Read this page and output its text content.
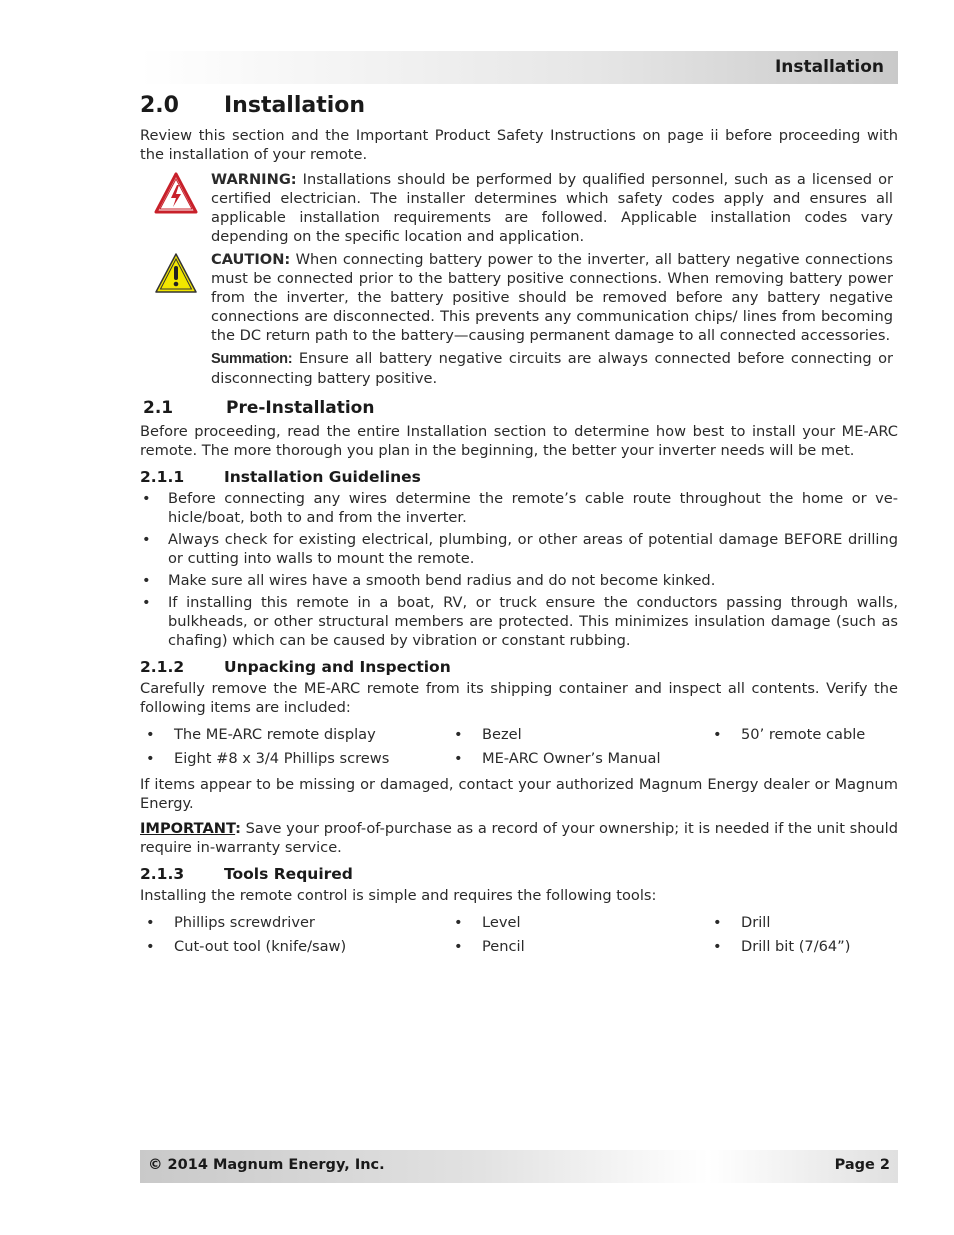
Installation
2.0	Installation

Review this section and the Important Product Safety Instructions on page ii before proceeding with the installation of your remote.

WARNING: Installations should be performed by qualified personnel, such as a licensed or certified electrician. The installer determines which safety codes apply and ensures all applicable installation requirements are followed. Applicable installation codes vary depending on the specific location and application.
CAUTION: When connecting battery power to the inverter, all battery negative connections must be connected prior to the battery positive connections. When removing battery power from the inverter, the battery positive should be removed before any battery negative connections are disconnected. This prevents any communication chips/ lines from becoming the DC return path to the battery—causing permanent damage to all connected accessories.
Summation: Ensure all battery negative circuits are always connected before connecting or disconnecting battery positive.
2.1	Pre-Installation

Before proceeding, read the entire Installation section to determine how best to install your ME-ARC remote. The more thorough you plan in the beginning, the better your inverter needs will be met.

2.1.1	Installation Guidelines
• Before connecting any wires determine the remote’s cable route throughout the home or ve-hicle/boat, both to and from the inverter.
• Always check for existing electrical, plumbing, or other areas of potential damage BEFORE drilling or cutting into walls to mount the remote.
• Make sure all wires have a smooth bend radius and do not become kinked.
• If installing this remote in a boat, RV, or truck ensure the conductors passing through walls, bulkheads, or other structural members are protected. This minimizes insulation damage (such as chafing) which can be caused by vibration or constant rubbing.
2.1.2	Unpacking and Inspection

Carefully remove the ME-ARC remote from its shipping container and inspect all contents. Verify the following items are included:

• The ME-ARC remote display	• Bezel	• 50’ remote cable
• Eight #8 x 3/4 Phillips screws	• ME-ARC Owner’s Manual

If items appear to be missing or damaged, contact your authorized Magnum Energy dealer or Magnum Energy.

IMPORTANT: Save your proof-of-purchase as a record of your ownership; it is needed if the unit should require in-warranty service.

2.1.3	Tools Required

Installing the remote control is simple and requires the following tools:

• Phillips screwdriver	• Level	• Drill
• Cut-out tool (knife/saw)	• Pencil	• Drill bit (7/64”)
© 2014 Magnum Energy, Inc.	Page 2
